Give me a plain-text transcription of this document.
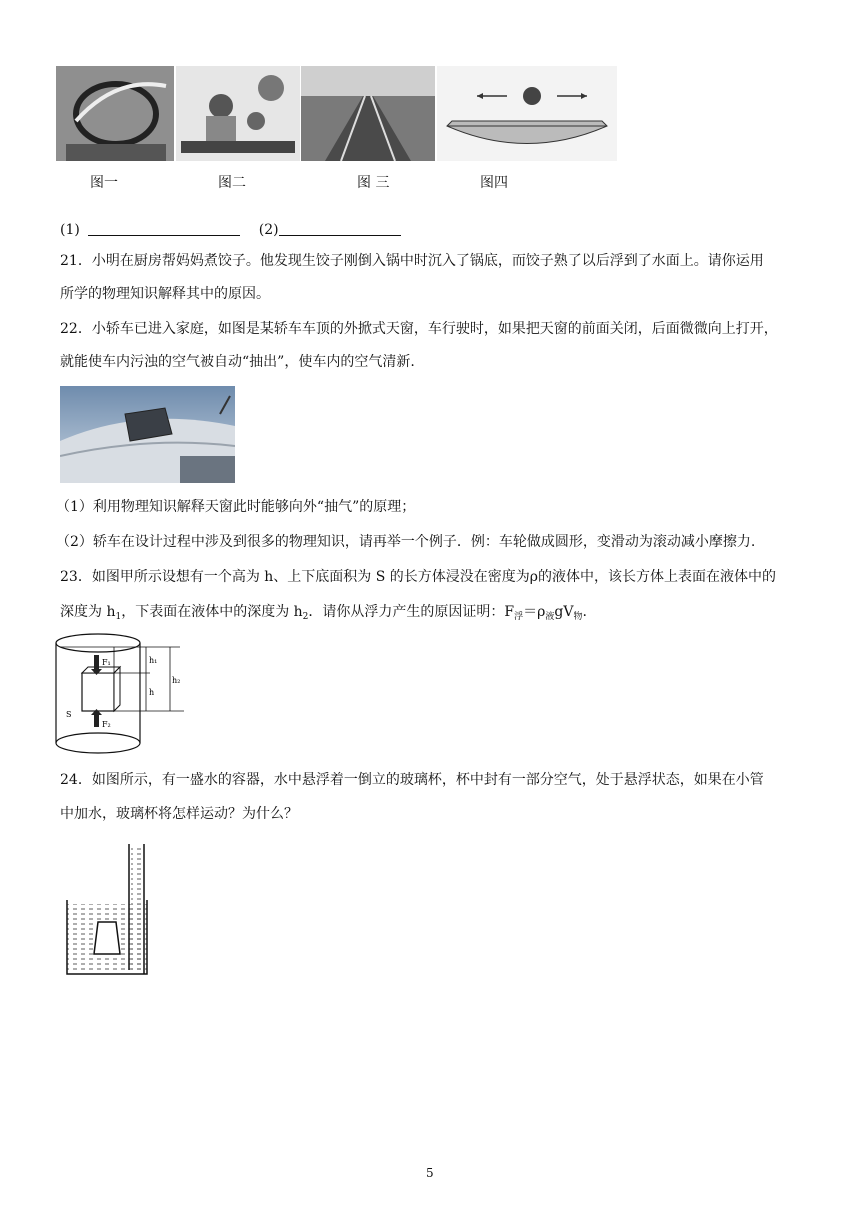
图一	图二	图 三	图四
(1)	(2)
21．小明在厨房帮妈妈煮饺子。他发现生饺子刚倒入锅中时沉入了锅底，而饺子熟了以后浮到了水面上。请你运用
所学的物理知识解释其中的原因。
22．小轿车已进入家庭，如图是某轿车车顶的外掀式天窗，车行驶时，如果把天窗的前面关闭，后面微微向上打开，
就能使车内污浊的空气被自动“抽出”，使车内的空气清新.
（1）利用物理知识解释天窗此时能够向外“抽气”的原理；
（2）轿车在设计过程中涉及到很多的物理知识，请再举一个例子．例：车轮做成圆形，变滑动为滚动减小摩擦力.
23．如图甲所示设想有一个高为 h、上下底面积为 S 的长方体浸没在密度为ρ的液体中，该长方体上表面在液体中的
深度为 $h_1$，下表面在液体中的深度为 $h_2$．请你从浮力产生的原因证明：$F_浮=\rho_液gV_物$.
F₁
F₂
h₁
h
h₂
S
24．如图所示，有一盛水的容器，水中悬浮着一倒立的玻璃杯，杯中封有一部分空气，处于悬浮状态，如果在小管
中加水，玻璃杯将怎样运动？为什么？
5
